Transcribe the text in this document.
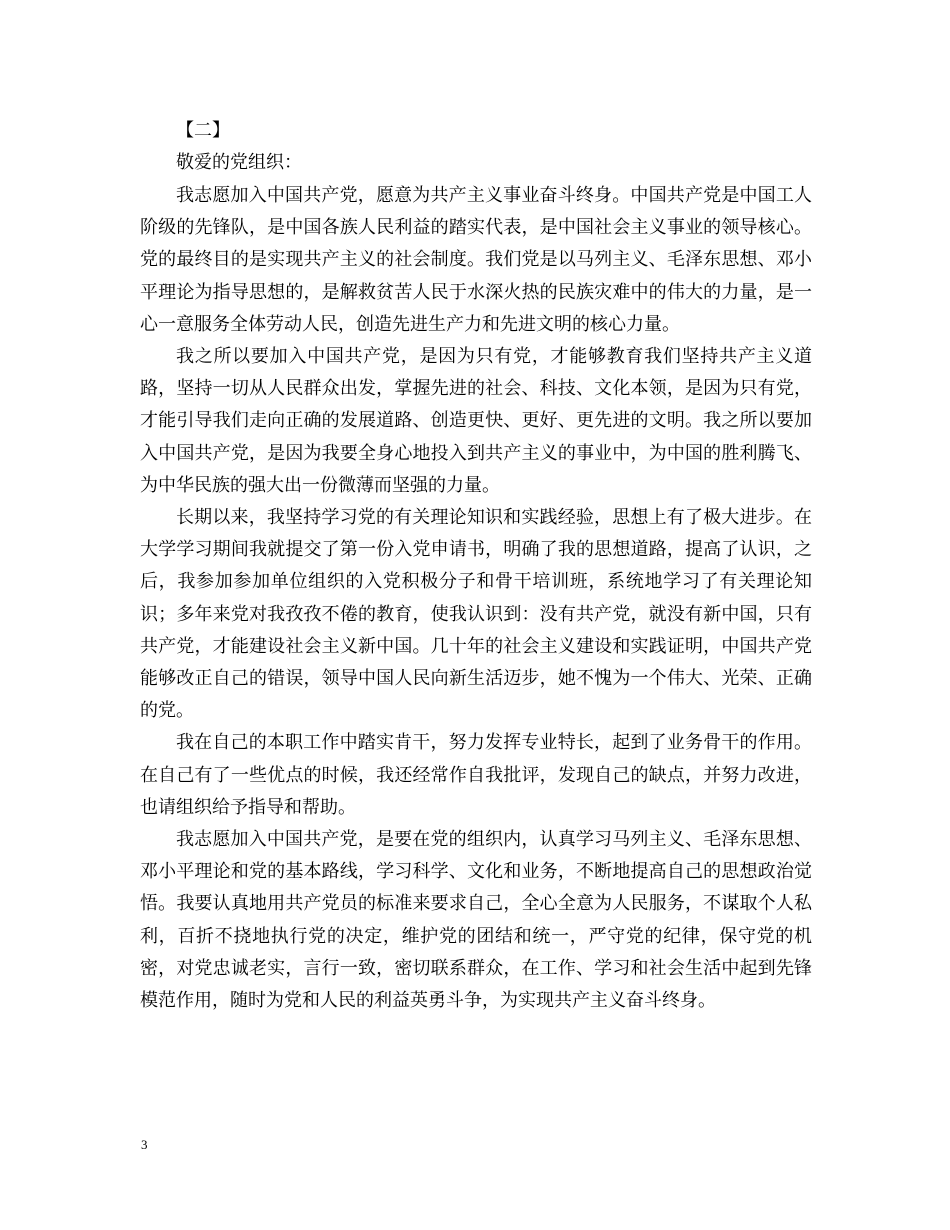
【二】
敬爱的党组织：

我志愿加入中国共产党，愿意为共产主义事业奋斗终身。中国共产党是中国工人阶级的先锋队，是中国各族人民利益的踏实代表，是中国社会主义事业的领导核心。党的最终目的是实现共产主义的社会制度。我们党是以马列主义、毛泽东思想、邓小平理论为指导思想的，是解救贫苦人民于水深火热的民族灾难中的伟大的力量，是一心一意服务全体劳动人民，创造先进生产力和先进文明的核心力量。

我之所以要加入中国共产党，是因为只有党，才能够教育我们坚持共产主义道路，坚持一切从人民群众出发，掌握先进的社会、科技、文化本领，是因为只有党，才能引导我们走向正确的发展道路、创造更快、更好、更先进的文明。我之所以要加入中国共产党，是因为我要全身心地投入到共产主义的事业中，为中国的胜利腾飞、为中华民族的强大出一份微薄而坚强的力量。

长期以来，我坚持学习党的有关理论知识和实践经验，思想上有了极大进步。在大学学习期间我就提交了第一份入党申请书，明确了我的思想道路，提高了认识，之后，我参加参加单位组织的入党积极分子和骨干培训班，系统地学习了有关理论知识；多年来党对我孜孜不倦的教育，使我认识到：没有共产党，就没有新中国，只有共产党，才能建设社会主义新中国。几十年的社会主义建设和实践证明，中国共产党能够改正自己的错误，领导中国人民向新生活迈步，她不愧为一个伟大、光荣、正确的党。

我在自己的本职工作中踏实肯干，努力发挥专业特长，起到了业务骨干的作用。在自己有了一些优点的时候，我还经常作自我批评，发现自己的缺点，并努力改进，也请组织给予指导和帮助。

我志愿加入中国共产党，是要在党的组织内，认真学习马列主义、毛泽东思想、邓小平理论和党的基本路线，学习科学、文化和业务，不断地提高自己的思想政治觉悟。我要认真地用共产党员的标准来要求自己，全心全意为人民服务，不谋取个人私利，百折不挠地执行党的决定，维护党的团结和统一，严守党的纪律，保守党的机密，对党忠诚老实，言行一致，密切联系群众，在工作、学习和社会生活中起到先锋模范作用，随时为党和人民的利益英勇斗争，为实现共产主义奋斗终身。

3
